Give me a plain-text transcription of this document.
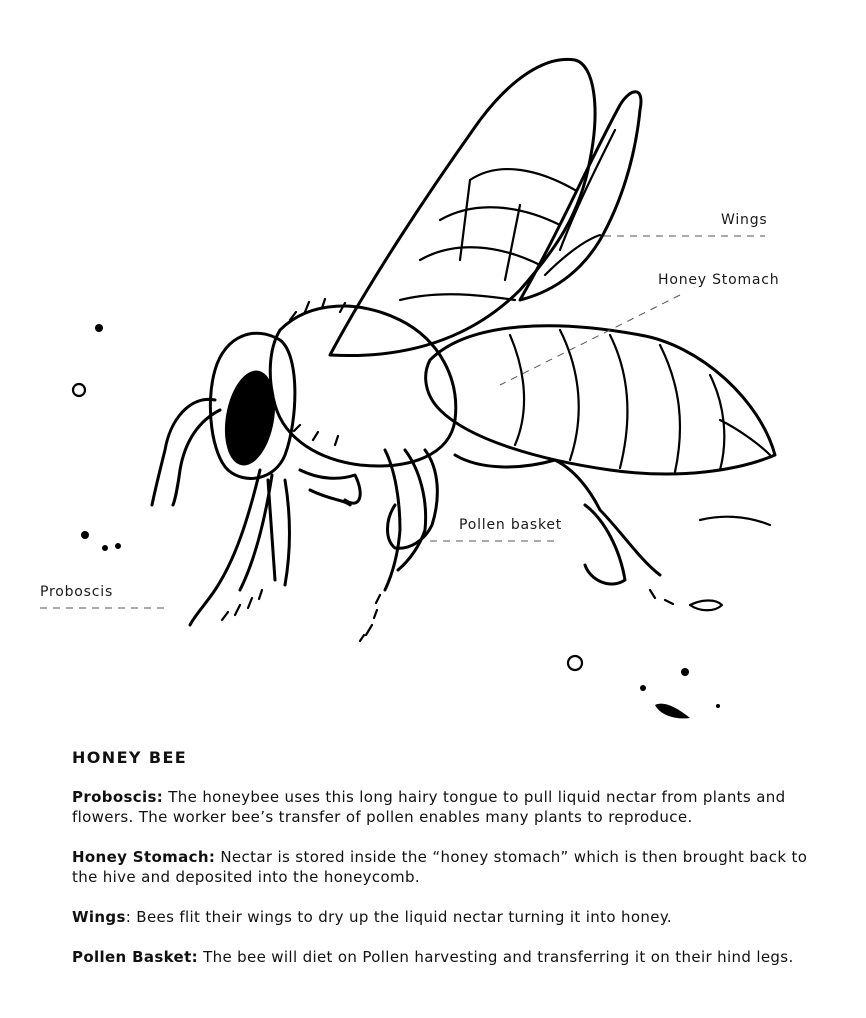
Wings
Honey Stomach
Pollen basket
Proboscis
HONEY BEE

Proboscis: The honeybee uses this long hairy tongue to pull liquid nectar from plants and flowers. The worker bee’s transfer of pollen enables many plants to reproduce.

Honey Stomach: Nectar is stored inside the “honey stomach” which is then brought back to the hive and deposited into the honeycomb.

Wings: Bees flit their wings to dry up the liquid nectar turning it into honey.

Pollen Basket: The bee will diet on Pollen harvesting and transferring it on their hind legs.
